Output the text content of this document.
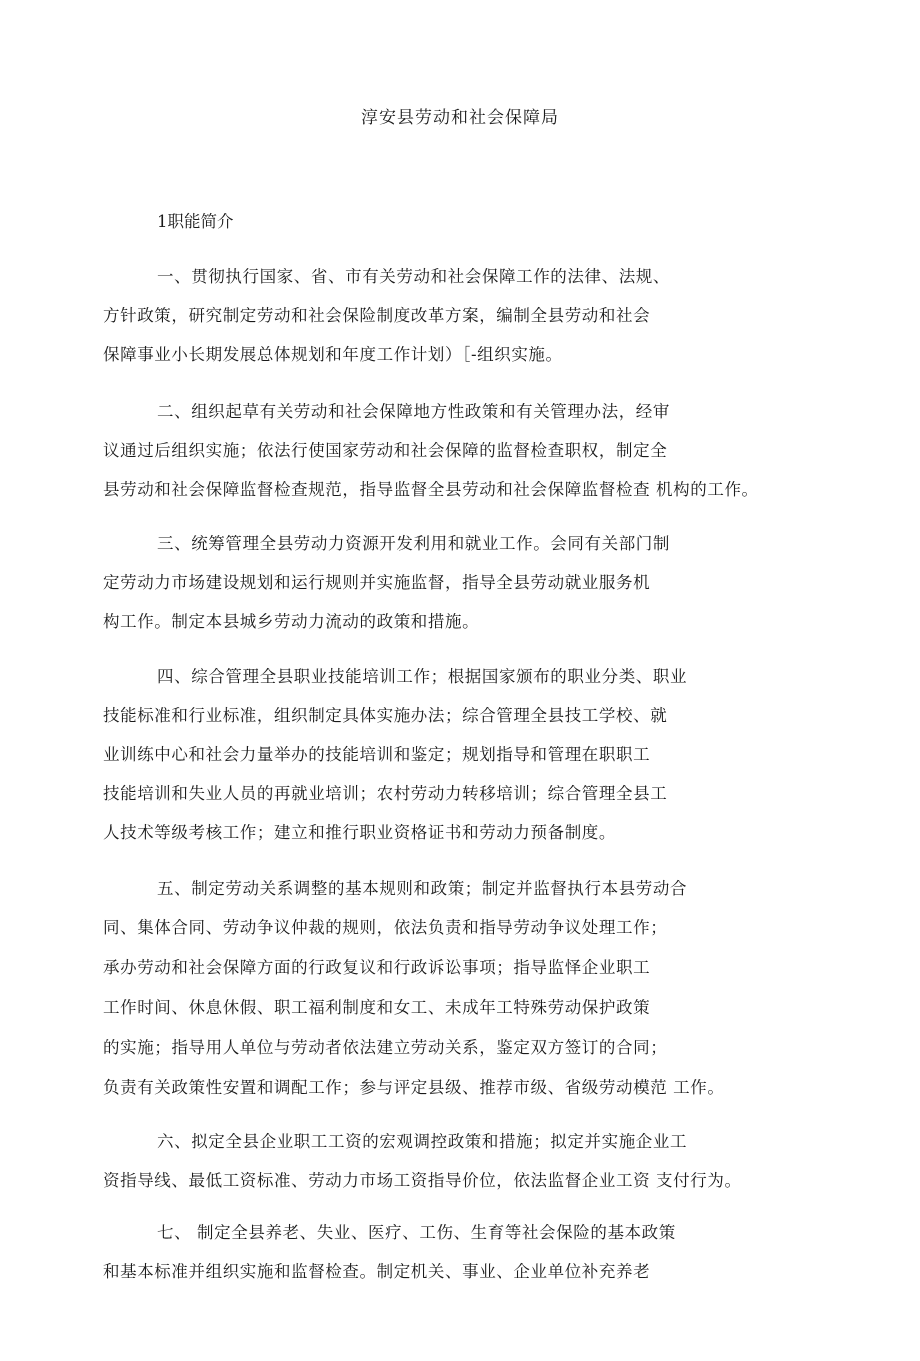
淳安县劳动和社会保障局
1职能简介
一、贯彻执行国家、省、市有关劳动和社会保障工作的法律、法规、
方针政策，研究制定劳动和社会保险制度改革方案，编制全县劳动和社会
保障事业小长期发展总体规划和年度工作计划）［-组织实施。
二、组织起草有关劳动和社会保障地方性政策和有关管理办法，经审
议通过后组织实施；依法行使国家劳动和社会保障的监督检查职权，制定全
县劳动和社会保障监督检查规范，指导监督全县劳动和社会保障监督检查 机构的工作。
三、统筹管理全县劳动力资源开发利用和就业工作。会同有关部门制
定劳动力市场建设规划和运行规则并实施监督，指导全县劳动就业服务机
构工作。制定本县城乡劳动力流动的政策和措施。
四、综合管理全县职业技能培训工作；根据国家颁布的职业分类、职业
技能标准和行业标准，组织制定具体实施办法；综合管理全县技工学校、就
业训练中心和社会力量举办的技能培训和鉴定；规划指导和管理在职职工
技能培训和失业人员的再就业培训；农村劳动力转移培训；综合管理全县工
人技术等级考核工作；建立和推行职业资格证书和劳动力预备制度。
五、制定劳动关系调整的基本规则和政策；制定并监督执行本县劳动合
同、集体合同、劳动争议仲裁的规则，依法负责和指导劳动争议处理工作；
承办劳动和社会保障方面的行政复议和行政诉讼事项；指导监怿企业职工
工作时间、休息休假、职工福利制度和女工、未成年工特殊劳动保护政策
的实施；指导用人单位与劳动者依法建立劳动关系，鉴定双方签订的合同；
负责有关政策性安置和调配工作；参与评定县级、推荐市级、省级劳动模范 工作。
六、拟定全县企业职工工资的宏观调控政策和措施；拟定并实施企业工
资指导线、最低工资标准、劳动力市场工资指导价位，依法监督企业工资 支付行为。
七、 制定全县养老、失业、医疗、工伤、生育等社会保险的基本政策
和基本标准并组织实施和监督检查。制定机关、事业、企业单位补充养老
